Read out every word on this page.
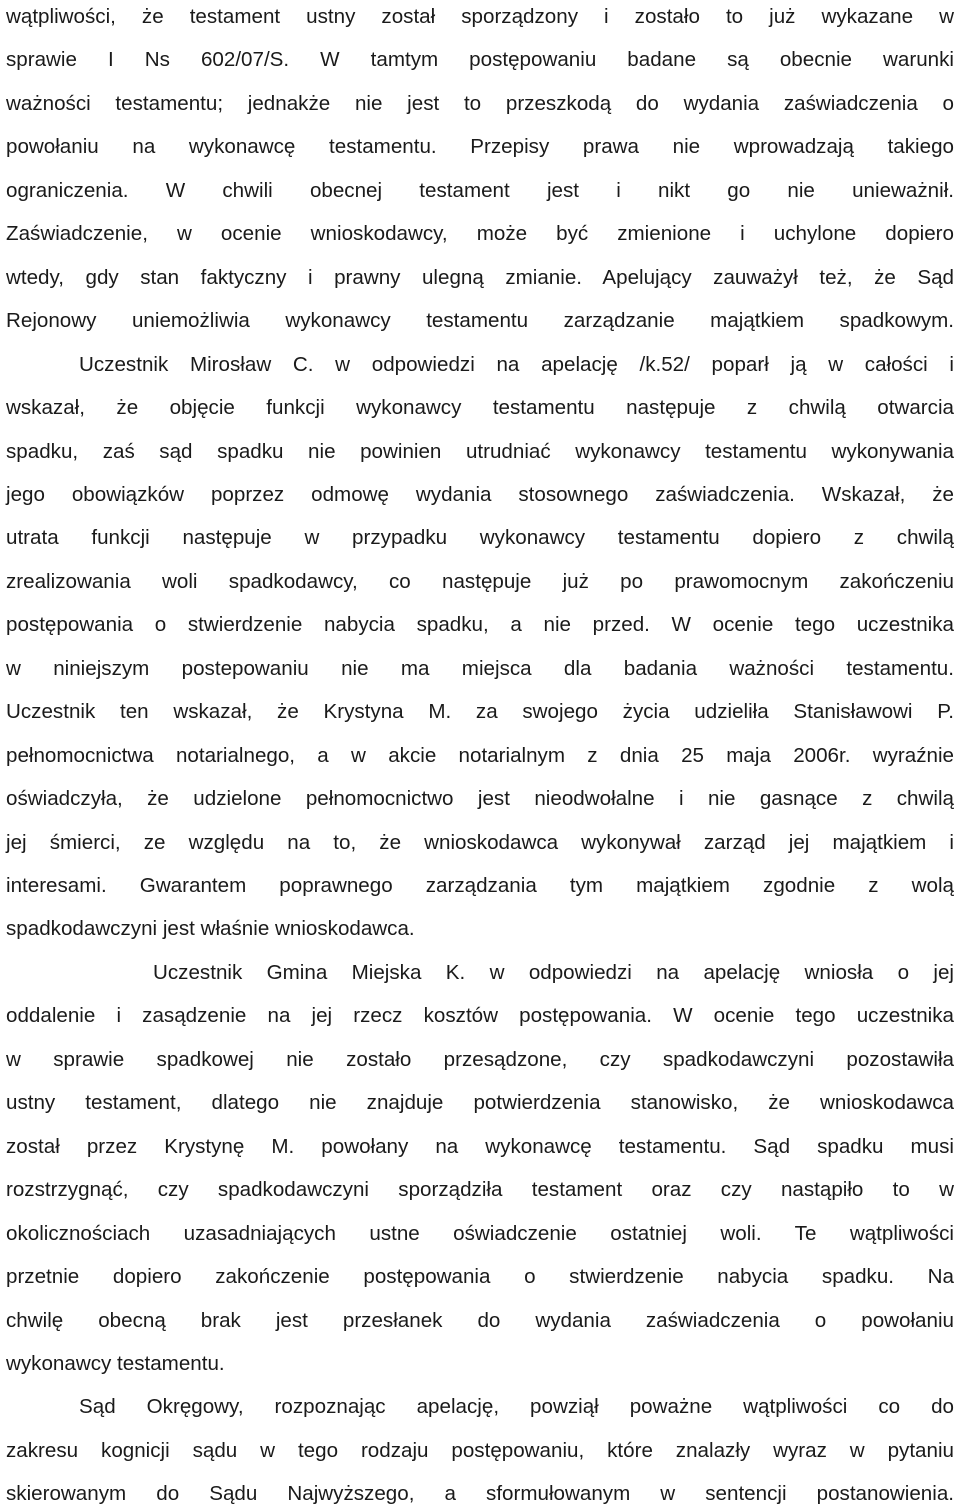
wątpliwości, że testament ustny został sporządzony i zostało to już wykazane w
sprawie I Ns 602/07/S. W tamtym postępowaniu badane są obecnie warunki
ważności testamentu; jednakże nie jest to przeszkodą do wydania zaświadczenia o
powołaniu na wykonawcę testamentu. Przepisy prawa nie wprowadzają takiego
ograniczenia. W chwili obecnej testament jest i nikt go nie unieważnił.
Zaświadczenie, w ocenie wnioskodawcy, może być zmienione i uchylone dopiero
wtedy, gdy stan faktyczny i prawny ulegną zmianie. Apelujący zauważył też, że Sąd
Rejonowy uniemożliwia wykonawcy testamentu zarządzanie majątkiem spadkowym.
Uczestnik Mirosław C. w odpowiedzi na apelację /k.52/ poparł ją w całości i
wskazał, że objęcie funkcji wykonawcy testamentu następuje z chwilą otwarcia
spadku, zaś sąd spadku nie powinien utrudniać wykonawcy testamentu wykonywania
jego obowiązków poprzez odmowę wydania stosownego zaświadczenia. Wskazał, że
utrata funkcji następuje w przypadku wykonawcy testamentu dopiero z chwilą
zrealizowania woli spadkodawcy, co następuje już po prawomocnym zakończeniu
postępowania o stwierdzenie nabycia spadku, a nie przed. W ocenie tego uczestnika
w niniejszym postepowaniu nie ma miejsca dla badania ważności testamentu.
Uczestnik ten wskazał, że Krystyna M. za swojego życia udzieliła Stanisławowi P.
pełnomocnictwa notarialnego, a w akcie notarialnym z dnia 25 maja 2006r. wyraźnie
oświadczyła, że udzielone pełnomocnictwo jest nieodwołalne i nie gasnące z chwilą
jej śmierci, ze względu na to, że wnioskodawca wykonywał zarząd jej majątkiem i
interesami. Gwarantem poprawnego zarządzania tym majątkiem zgodnie z wolą
spadkodawczyni jest właśnie wnioskodawca.
Uczestnik Gmina Miejska K. w odpowiedzi na apelację wniosła o jej
oddalenie i zasądzenie na jej rzecz kosztów postępowania. W ocenie tego uczestnika
w sprawie spadkowej nie zostało przesądzone, czy spadkodawczyni pozostawiła
ustny testament, dlatego nie znajduje potwierdzenia stanowisko, że wnioskodawca
został przez Krystynę M. powołany na wykonawcę testamentu. Sąd spadku musi
rozstrzygnąć, czy spadkodawczyni sporządziła testament oraz czy nastąpiło to w
okolicznościach uzasadniających ustne oświadczenie ostatniej woli. Te wątpliwości
przetnie dopiero zakończenie postępowania o stwierdzenie nabycia spadku. Na
chwilę obecną brak jest przesłanek do wydania zaświadczenia o powołaniu
wykonawcy testamentu.
Sąd Okręgowy, rozpoznając apelację, powziął poważne wątpliwości co do
zakresu kognicji sądu w tego rodzaju postępowaniu, które znalazły wyraz w pytaniu
skierowanym do Sądu Najwyższego, a sformułowanym w sentencji postanowienia.
